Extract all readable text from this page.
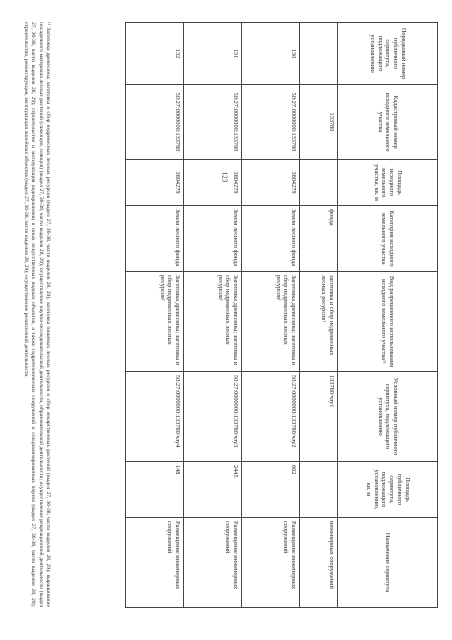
123
Порядковый номер публичного сервитута, подлежащего установлению	Кадастровый номер исходного земельного участка	Площадь исходного земельного участка, кв. м	Категория исходного земельного участка	Вид разрешенного использования исходного земельного участка¹¹	Условный номер публичного сервитута, подлежащего установлению	Площадь публичного сервитута, подлежащего установлению, кв. м	Назначение сервитута
	133780		фонда	заготовка и сбор недревесных лесных ресурсов¹	133780/чзу1		инженерных сооружений
130	50:27:0000000:133780	3804279	Земли лесного фонда	Заготовка древесины; заготовка и сбор недревесных лесных ресурсов¹	50:27:0000000:133780/чзу2	662	Размещение инженерных сооружений
131	50:27:0000000:133780	3804279	Земли лесного фонда	Заготовка древесины; заготовка и сбор недревесных лесных ресурсов¹	50:27:0000000:133780/чзу3	2445	Размещение инженерных сооружений
132	50:27:0000000:133780	3804279	Земли лесного фонда	Заготовка древесины; заготовка и сбор недревесных лесных ресурсов¹	50:27:0000000:133780/чзу4	148	Размещение инженерных сооружений
¹¹ Заготовка древесины; заготовка и сбор недревесных лесных ресурсов (выдел 27, 36-38, части выделов 28, 29); заготовка пищевых лесных ресурсов и сбор лекарственных растений (выдел 27, 36-38, части выделов 28, 29); выращивание посадочного материала лесных растений (саженцев, сеянцев) (выдел 27, 36-38, части выделов 28, 29); осуществление научно-исследовательской деятельности, образовательной деятельности; осуществление рекреационной деятельности (выдел 27, 36-38, части выделов 28, 29); строительство и эксплуатация водохранилищ и иных искусственных водных объектов, а также гидротехнических сооружений и специализированных портов (выдел 27, 36-38, части выделов 28, 29); строительство, реконструкция, эксплуатация линейных объектов (выдел 27, 36-38, части выделов 28, 29); осуществление религиозной деятельности.
